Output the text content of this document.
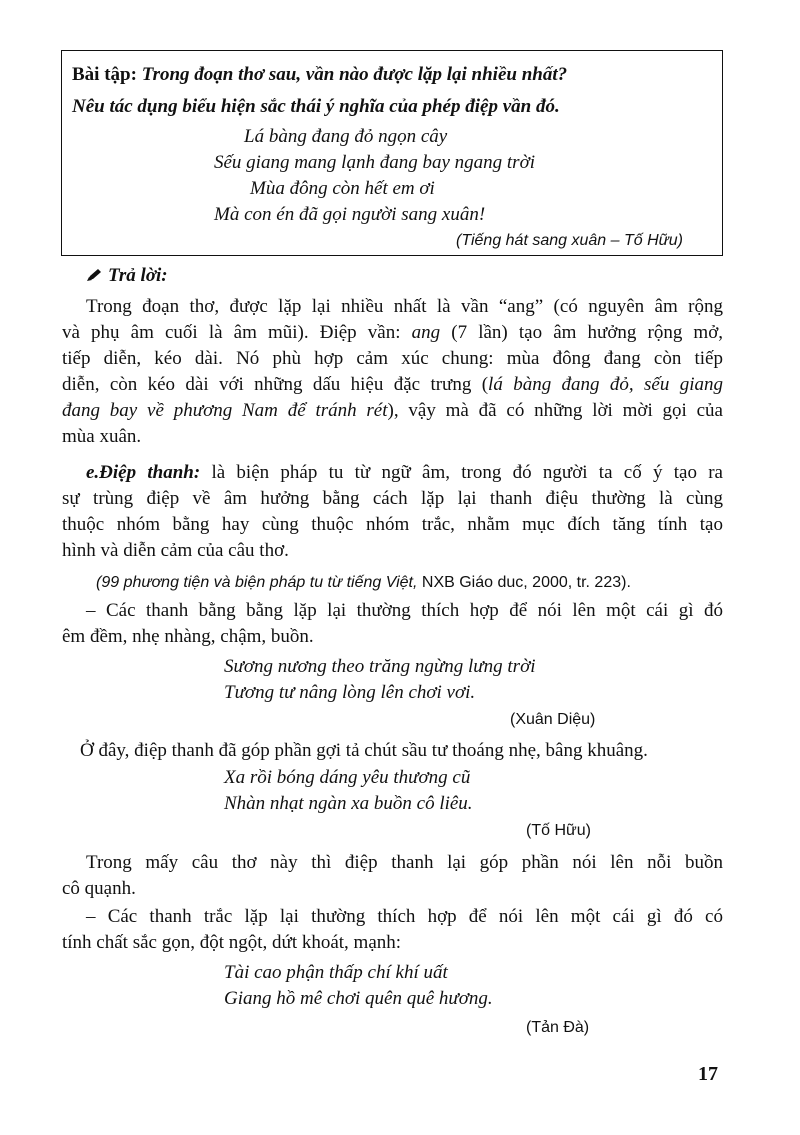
Bài tập: Trong đoạn thơ sau, vần nào được lặp lại nhiều nhất?
Nêu tác dụng biểu hiện sắc thái ý nghĩa của phép điệp vần đó.
Lá bàng đang đỏ ngọn cây
Sếu giang mang lạnh đang bay ngang trời
Mùa đông còn hết em ơi
Mà con én đã gọi người sang xuân!
(Tiếng hát sang xuân – Tố Hữu)
Trả lời:
Trong đoạn thơ, được lặp lại nhiều nhất là vần “ang” (có nguyên âm rộng
và phụ âm cuối là âm mũi). Điệp vần: ang (7 lần) tạo âm hưởng rộng mở,
tiếp diễn, kéo dài. Nó phù hợp cảm xúc chung: mùa đông đang còn tiếp
diễn, còn kéo dài với những dấu hiệu đặc trưng (lá bàng đang đỏ, sếu giang
đang bay về phương Nam để tránh rét), vậy mà đã có những lời mời gọi của
mùa xuân.
e.Điệp thanh: là biện pháp tu từ ngữ âm, trong đó người ta cố ý tạo ra
sự trùng điệp về âm hưởng bằng cách lặp lại thanh điệu thường là cùng
thuộc nhóm bằng hay cùng thuộc nhóm trắc, nhằm mục đích tăng tính tạo
hình và diễn cảm của câu thơ.
(99 phương tiện và biện pháp tu từ tiếng Việt, NXB Giáo duc, 2000, tr. 223).
– Các thanh bằng bằng lặp lại thường thích hợp để nói lên một cái gì đó
êm đềm, nhẹ nhàng, chậm, buồn.
Sương nương theo trăng ngừng lưng trời
Tương tư nâng lòng lên chơi vơi.
(Xuân Diệu)
Ở đây, điệp thanh đã góp phần gợi tả chút sầu tư thoáng nhẹ, bâng khuâng.
Xa rồi bóng dáng yêu thương cũ
Nhàn nhạt ngàn xa buồn cô liêu.
(Tố Hữu)
Trong mấy câu thơ này thì điệp thanh lại góp phần nói lên nỗi buồn
cô quạnh.
– Các thanh trắc lặp lại thường thích hợp để nói lên một cái gì đó có
tính chất sắc gọn, đột ngột, dứt khoát, mạnh:
Tài cao phận thấp chí khí uất
Giang hồ mê chơi quên quê hương.
(Tản Đà)
17
